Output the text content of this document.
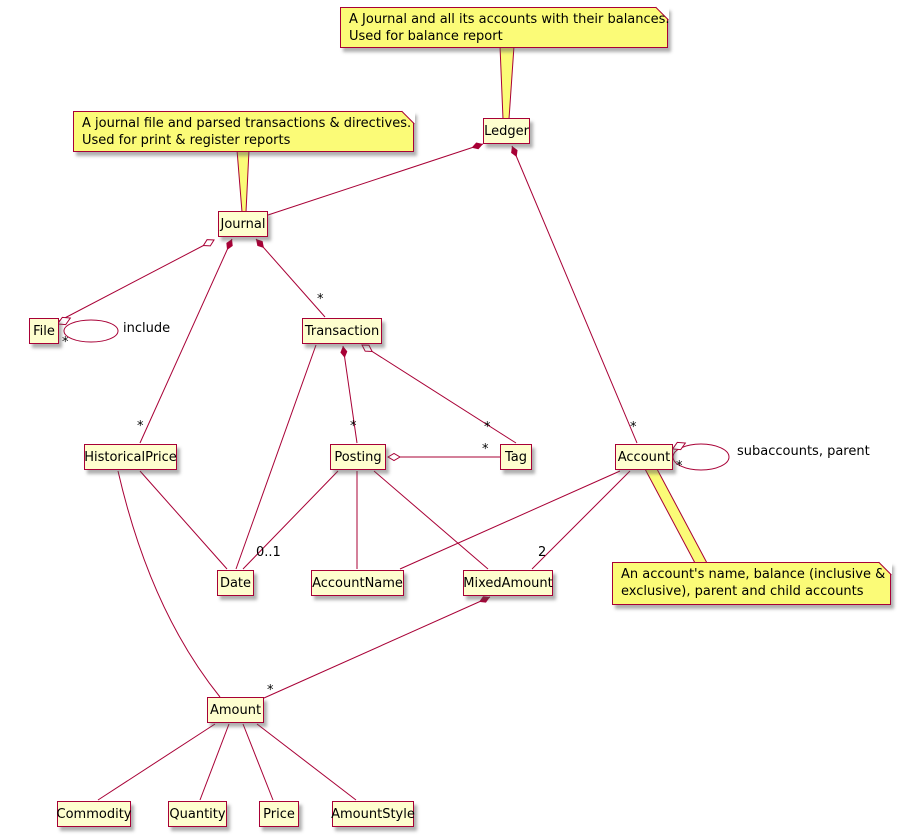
A Journal and all its accounts with their balances.
Used for balance report
A journal file and parsed transactions & directives.
Used for print & register reports
An account's name, balance (inclusive &
exclusive), parent and child accounts
Ledger
Journal
File	Transaction
HistoricalPrice	Posting	Tag	Account
Date	AccountName	MixedAmount
Amount
Commodity	Quantity	Price	AmountStyle
include
*
*
*	*	*
*
*
*
subaccounts, parent
0..1	2
*
